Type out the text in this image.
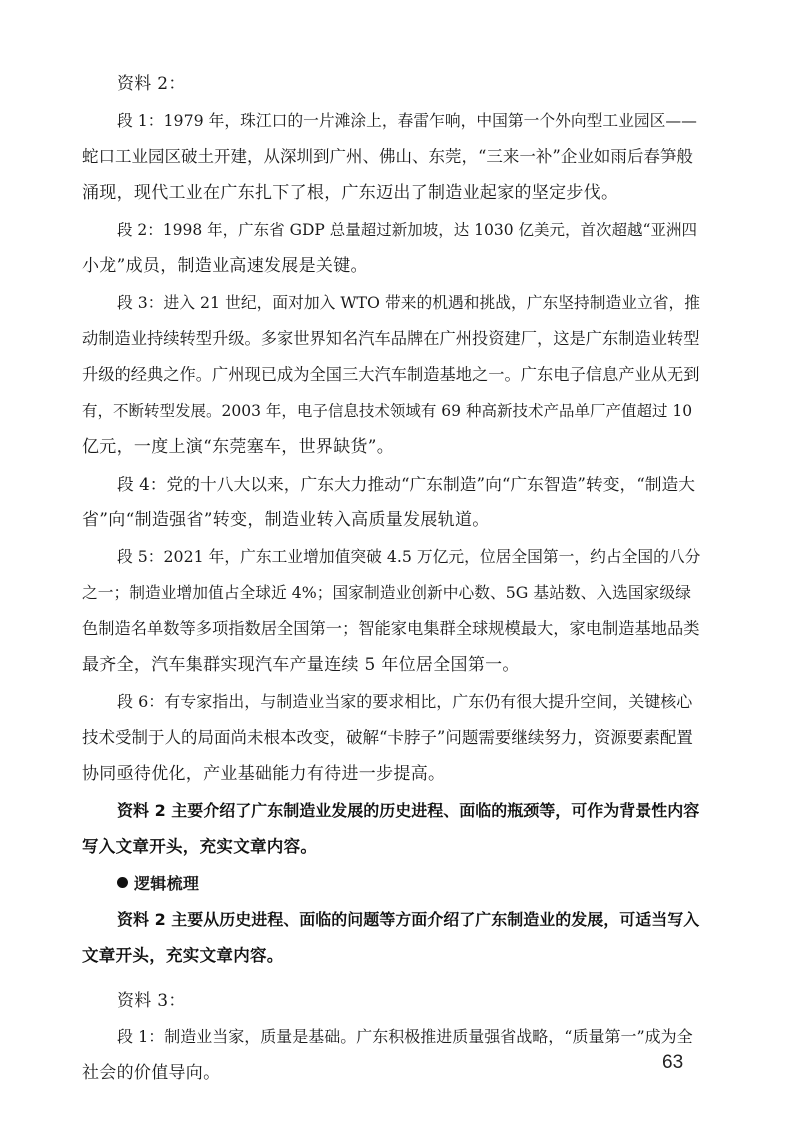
资料 2：
段 1：1979 年，珠江口的一片滩涂上，春雷乍响，中国第一个外向型工业园区——
蛇口工业园区破土开建，从深圳到广州、佛山、东莞，“三来一补”企业如雨后春笋般
涌现，现代工业在广东扎下了根，广东迈出了制造业起家的坚定步伐。
段 2：1998 年，广东省 GDP 总量超过新加坡，达 1030 亿美元，首次超越“亚洲四
小龙”成员，制造业高速发展是关键。
段 3：进入 21 世纪，面对加入 WTO 带来的机遇和挑战，广东坚持制造业立省，推
动制造业持续转型升级。多家世界知名汽车品牌在广州投资建厂，这是广东制造业转型
升级的经典之作。广州现已成为全国三大汽车制造基地之一。广东电子信息产业从无到
有，不断转型发展。2003 年，电子信息技术领域有 69 种高新技术产品单厂产值超过 10
亿元，一度上演“东莞塞车，世界缺货”。
段 4：党的十八大以来，广东大力推动“广东制造”向“广东智造”转变，“制造大
省”向“制造强省”转变，制造业转入高质量发展轨道。
段 5：2021 年，广东工业增加值突破 4.5 万亿元，位居全国第一，约占全国的八分
之一；制造业增加值占全球近 4%；国家制造业创新中心数、5G 基站数、入选国家级绿
色制造名单数等多项指数居全国第一；智能家电集群全球规模最大，家电制造基地品类
最齐全，汽车集群实现汽车产量连续 5 年位居全国第一。
段 6：有专家指出，与制造业当家的要求相比，广东仍有很大提升空间，关键核心
技术受制于人的局面尚未根本改变，破解“卡脖子”问题需要继续努力，资源要素配置
协同亟待优化，产业基础能力有待进一步提高。
资料 2 主要介绍了广东制造业发展的历史进程、面临的瓶颈等，可作为背景性内容
写入文章开头，充实文章内容。
逻辑梳理
资料 2 主要从历史进程、面临的问题等方面介绍了广东制造业的发展，可适当写入
文章开头，充实文章内容。
资料 3：
段 1：制造业当家，质量是基础。广东积极推进质量强省战略，“质量第一”成为全
社会的价值导向。	63
